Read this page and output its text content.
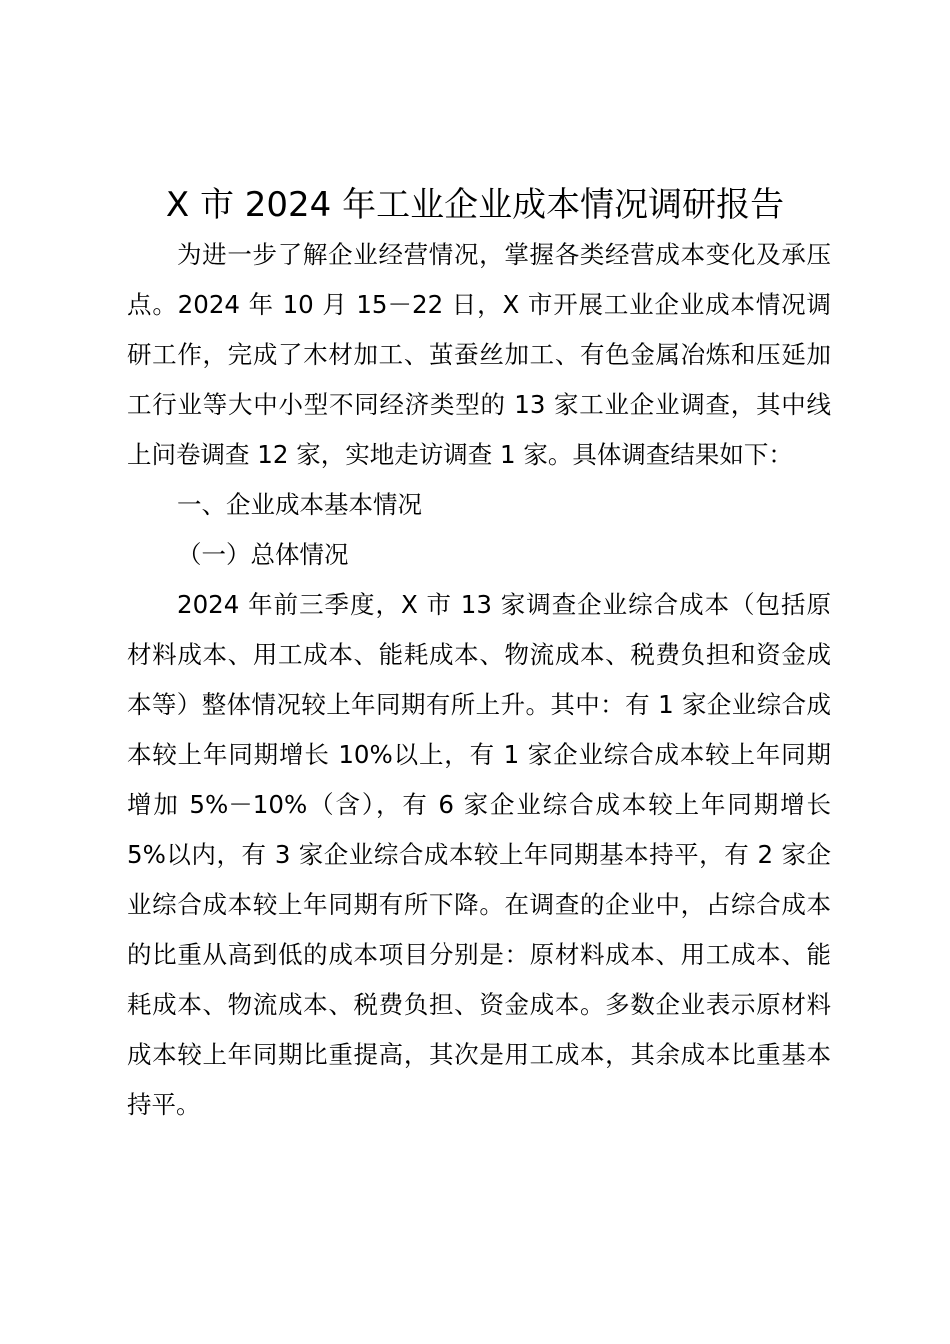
X 市 2024 年工业企业成本情况调研报告

为进一步了解企业经营情况，掌握各类经营成本变化及承压点。2024 年 10 月 15－22 日，X 市开展工业企业成本情况调研工作，完成了木材加工、茧蚕丝加工、有色金属冶炼和压延加工行业等大中小型不同经济类型的 13 家工业企业调查，其中线上问卷调查 12 家，实地走访调查 1 家。具体调查结果如下：

一、企业成本基本情况

（一）总体情况

2024 年前三季度，X 市 13 家调查企业综合成本（包括原材料成本、用工成本、能耗成本、物流成本、税费负担和资金成本等）整体情况较上年同期有所上升。其中：有 1 家企业综合成本较上年同期增长 10%以上，有 1 家企业综合成本较上年同期增加 5%－10%（含），有 6 家企业综合成本较上年同期增长 5%以内，有 3 家企业综合成本较上年同期基本持平，有 2 家企业综合成本较上年同期有所下降。在调查的企业中，占综合成本的比重从高到低的成本项目分别是：原材料成本、用工成本、能耗成本、物流成本、税费负担、资金成本。多数企业表示原材料成本较上年同期比重提高，其次是用工成本，其余成本比重基本持平。
